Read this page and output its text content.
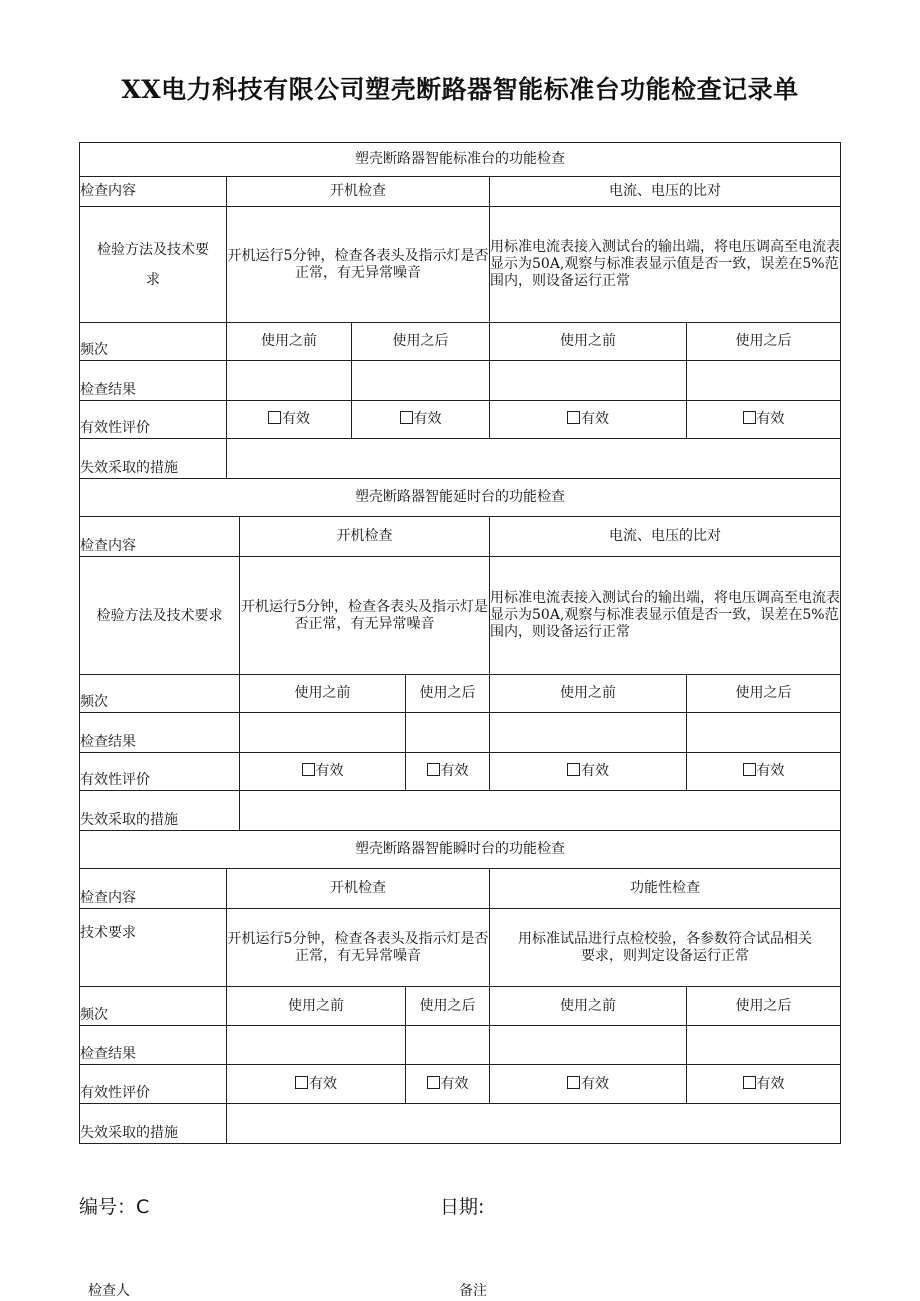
XX电力科技有限公司塑壳断路器智能标准台功能检查记录单
塑壳断路器智能标准台的功能检查						
检查内容	开机检查				电流、电压的比对	
检验方法及技术要求	开机运行5分钟，检查各表头及指示灯是否正常，有无异常噪音				用标准电流表接入测试台的输出端，将电压调高至电流表显示为50A,观察与标准表显示值是否一致，误差在5%范围内，则设备运行正常	
频次	使用之前		使用之后		使用之前	使用之后
检查结果						
有效性评价	有效		有效		有效	有效
失效采取的措施						
塑壳断路器智能延时台的功能检查						
检查内容		开机检查			电流、电压的比对	
检验方法及技术要求		开机运行5分钟，检查各表头及指示灯是否正常，有无异常噪音			用标准电流表接入测试台的输出端，将电压调高至电流表显示为50A,观察与标准表显示值是否一致，误差在5%范围内，则设备运行正常	
频次		使用之前		使用之后	使用之前	使用之后
检查结果						
有效性评价		有效		有效	有效	有效
失效采取的措施						
塑壳断路器智能瞬时台的功能检查						
检查内容	开机检查				功能性检查	
技术要求	开机运行5分钟，检查各表头及指示灯是否正常，有无异常噪音				用标准试品进行点检校验，各参数符合试品相关要求，则判定设备运行正常	
频次	使用之前			使用之后	使用之前	使用之后
检查结果						
有效性评价	有效			有效	有效	有效
失效采取的措施						
编号：C	日期:
检查人	备注
